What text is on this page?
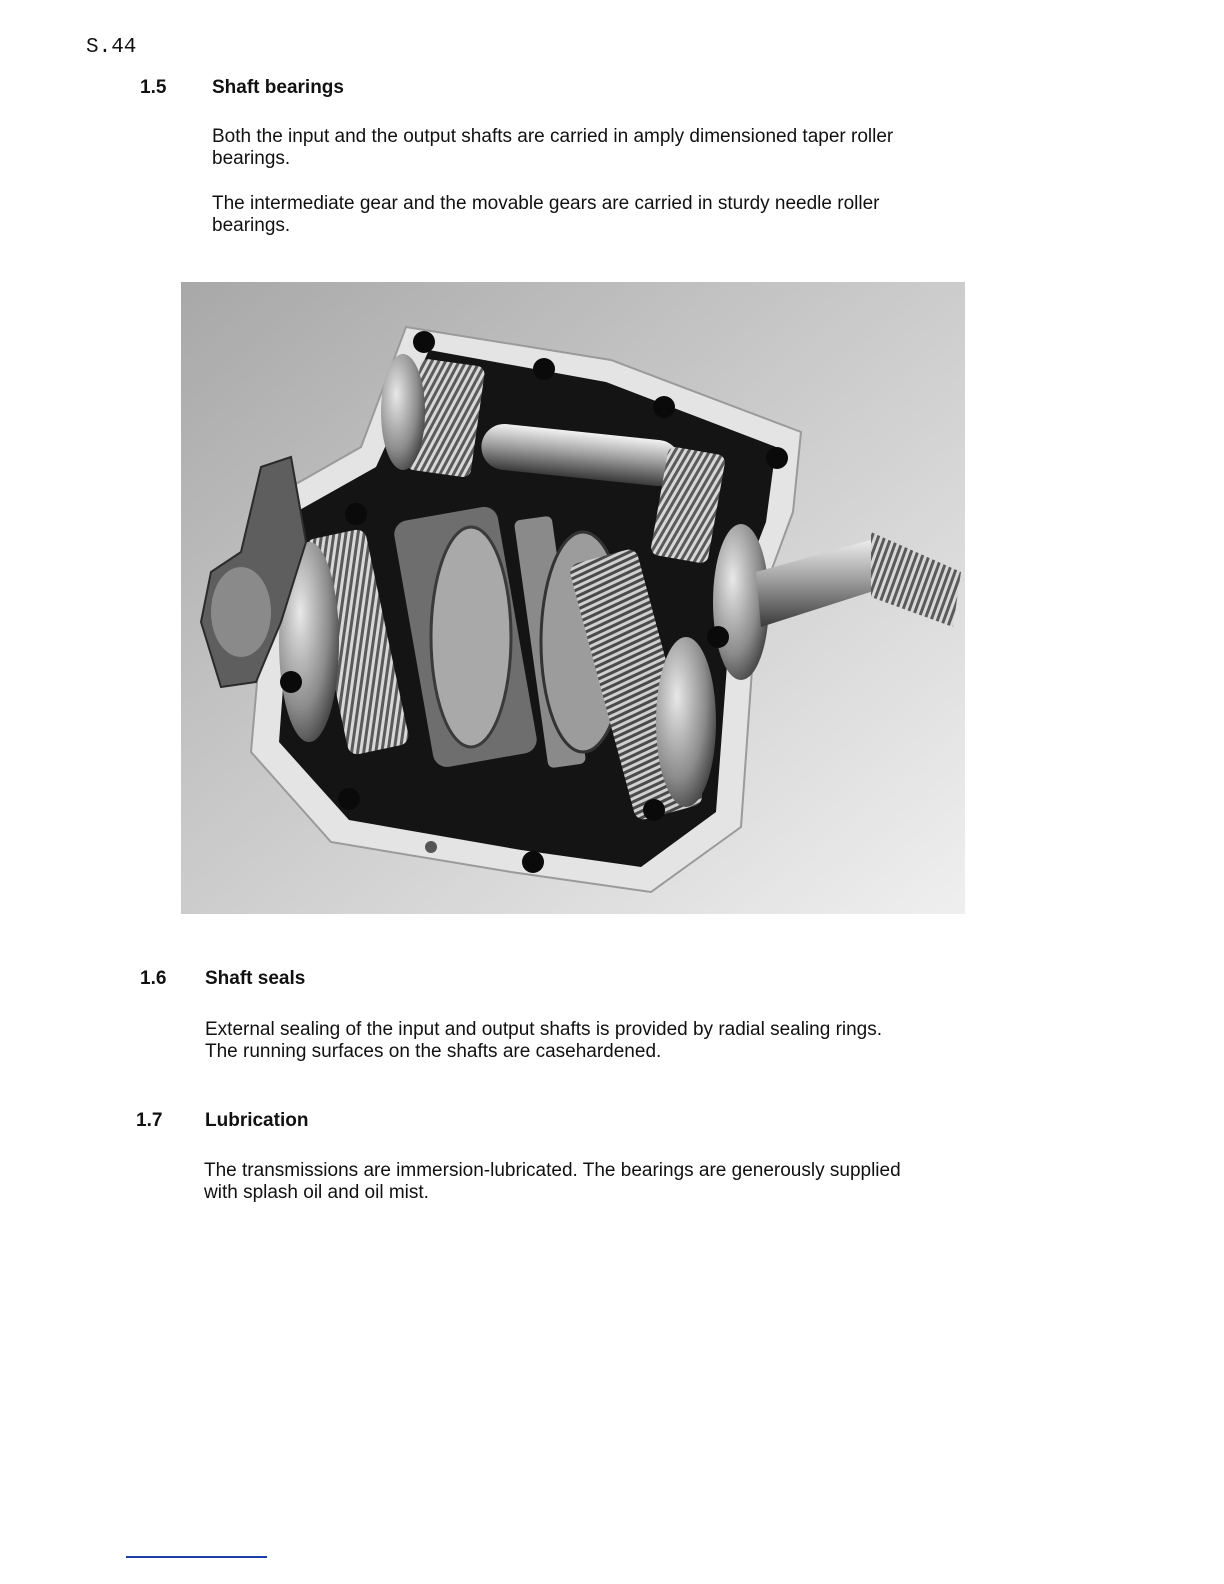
S.44
1.5 Shaft bearings
Both the input and the output shafts are carried in amply dimensioned taper roller
bearings.
The intermediate gear and the movable gears are carried in sturdy needle roller
bearings.
1.6 Shaft seals
External sealing of the input and output shafts is provided by radial sealing rings.
The running surfaces on the shafts are casehardened.
1.7 Lubrication
The transmissions are immersion-lubricated. The bearings are generously supplied
with splash oil and oil mist.
